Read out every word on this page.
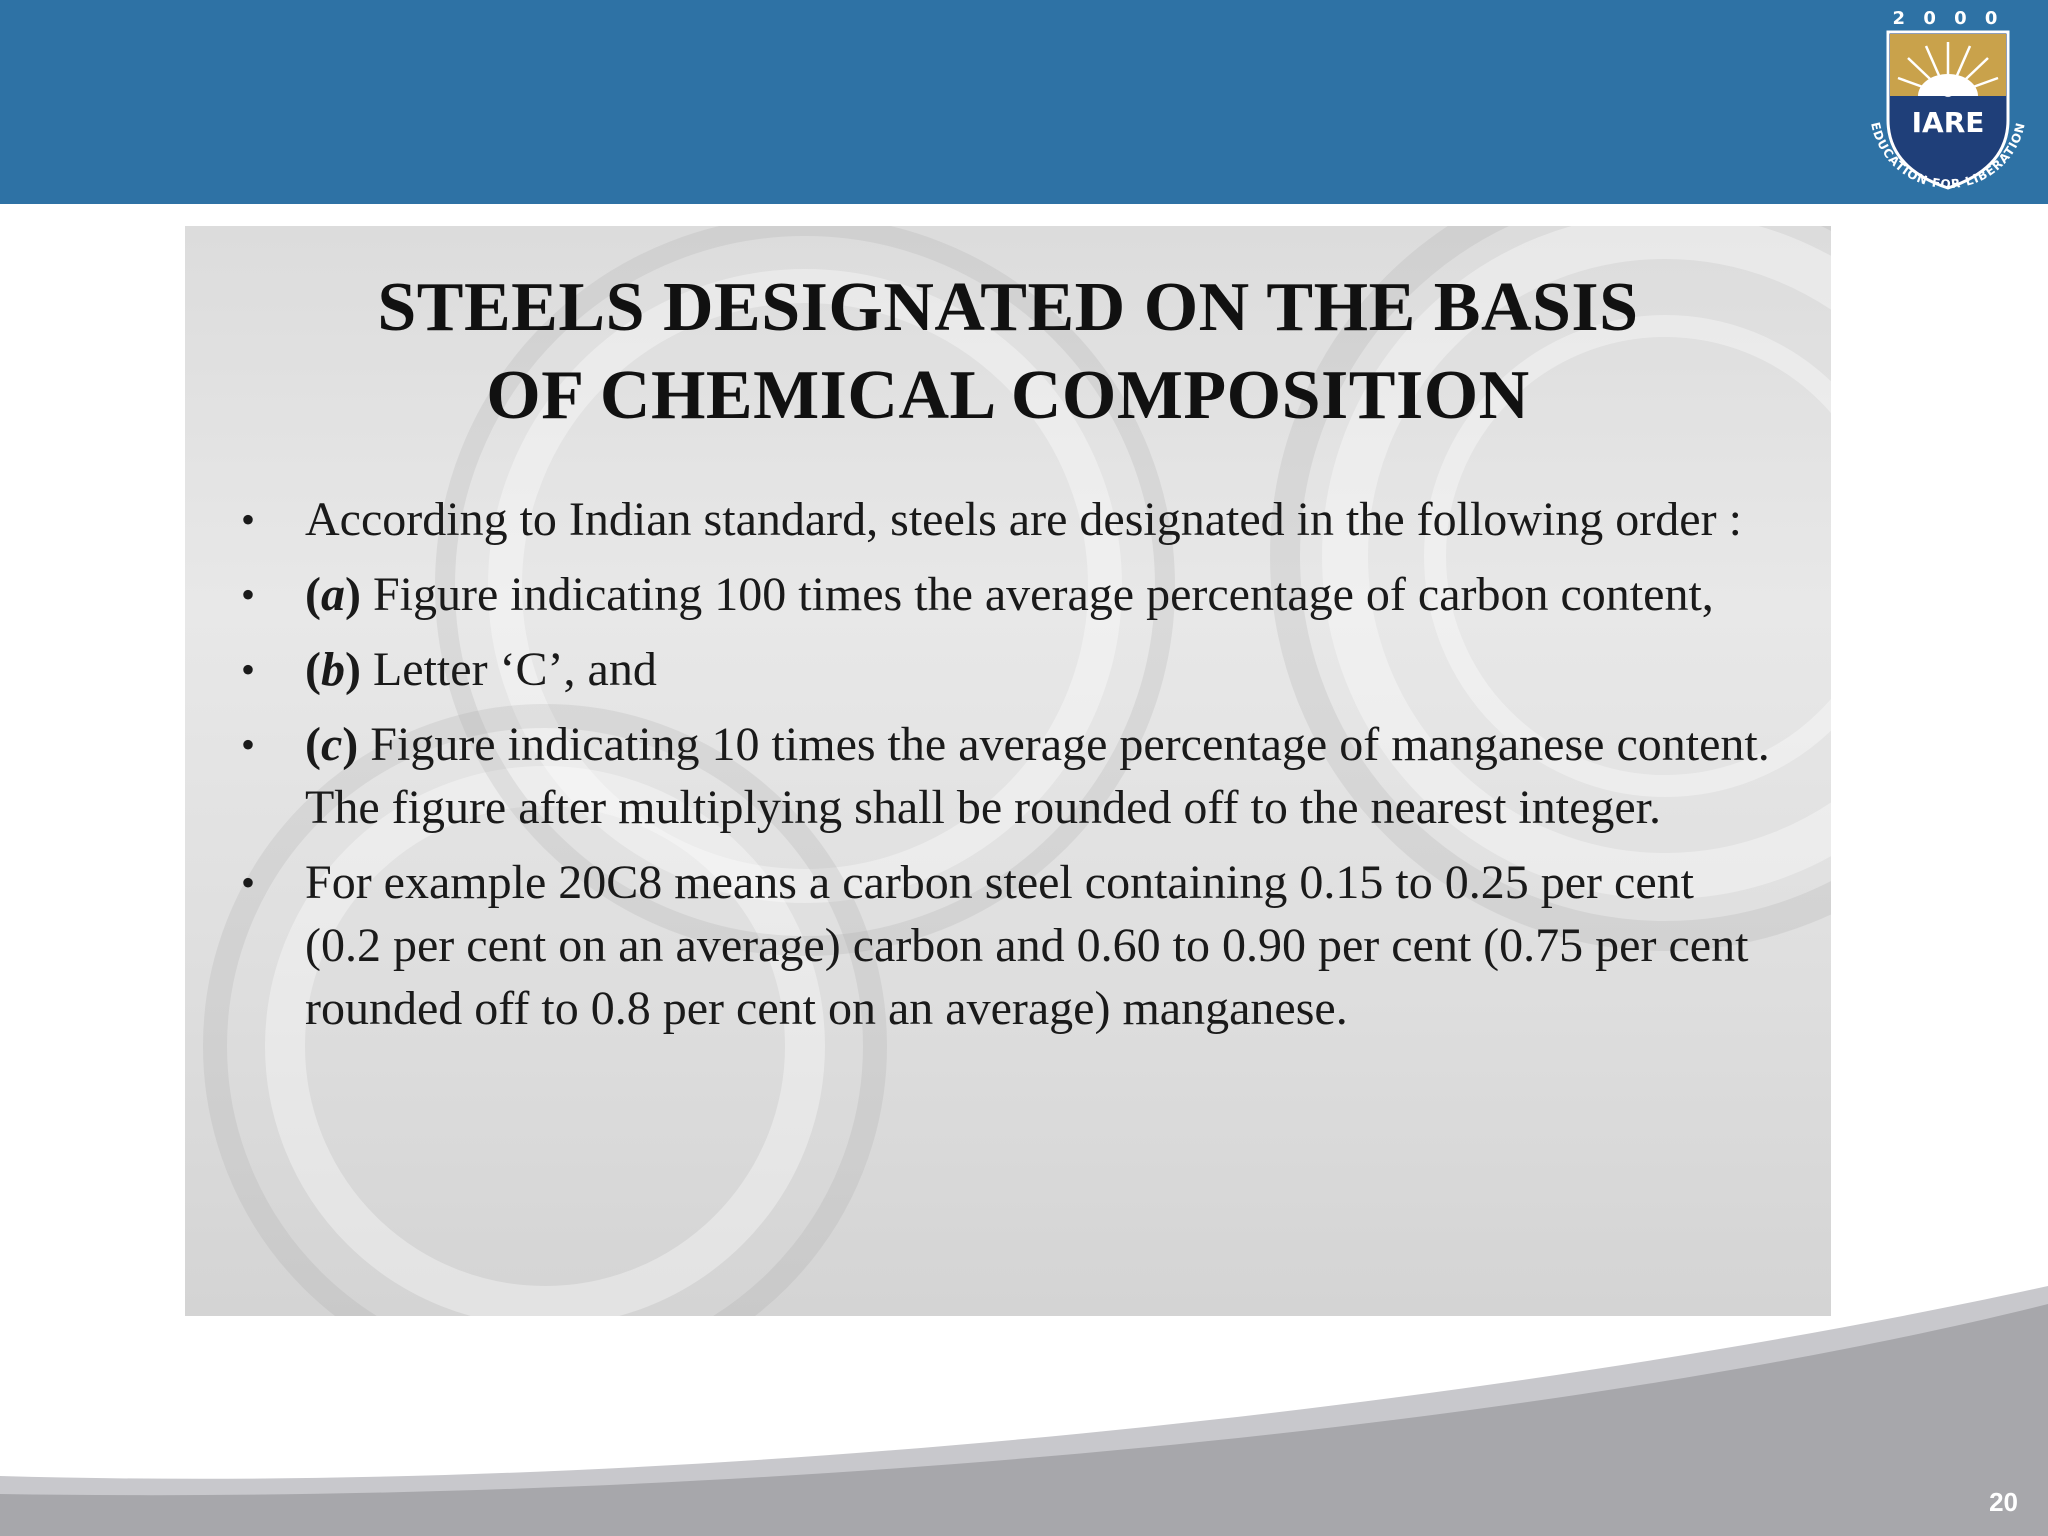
2 0 0 0
IARE
EDUCATION FOR LIBERATION
20
STEELS DESIGNATED ON THE BASIS
OF CHEMICAL COMPOSITION
• According to Indian standard, steels are designated in the following order :
• (a) Figure indicating 100 times the average percentage of carbon content,
• (b) Letter ‘C’, and
• (c) Figure indicating 10 times the average percentage of manganese content. The figure after multiplying shall be rounded off to the nearest integer.
• For example 20C8 means a carbon steel containing 0.15 to 0.25 per cent (0.2 per cent on an average) carbon and 0.60 to 0.90 per cent (0.75 per cent rounded off to 0.8 per cent on an average) manganese.
